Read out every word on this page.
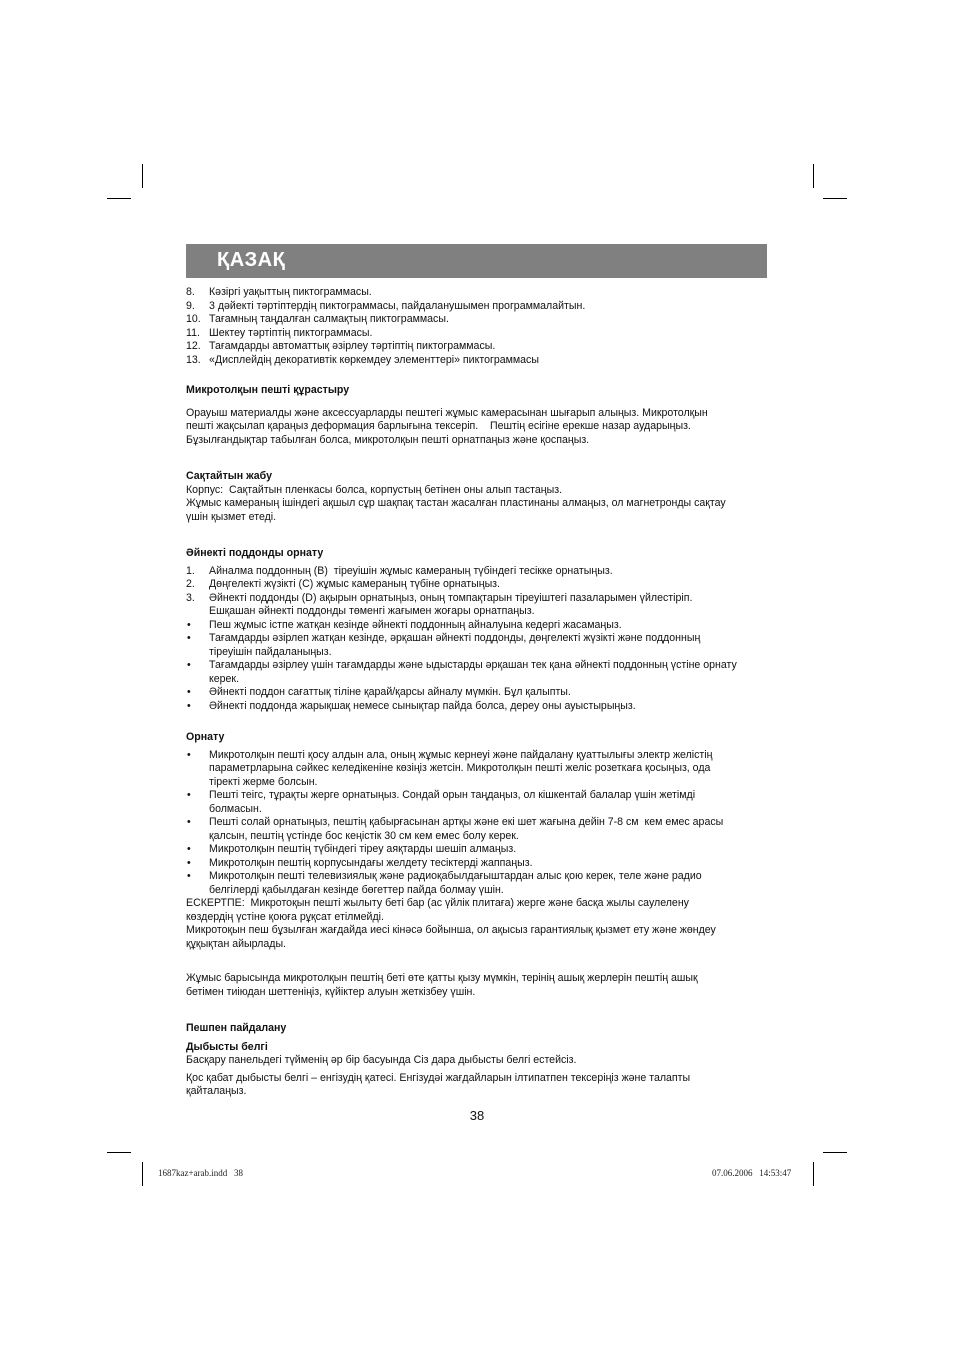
ҚАЗАҚ
8. Кəзіргі уақыттың пиктограммасы.
9. 3 дəйекті тəртіптердің пиктограммасы, пайдаланушымен программалайтын.
10. Тағамның таңдалған салмақтың пиктограммасы.
11. Шектеу тəртіптің пиктограммасы.
12. Тағамдарды автоматтық əзірлеу тəртіптің пиктограммасы.
13. «Дисплейдің декоративтік көркемдеу элементтері» пиктограммасы
Микротолқын пешті құрастыру
Орауыш материалды жəне аксессуарларды пештегі жұмыс камерасынан шығарып алыңыз. Микротолқын
пешті жақсылап қараңыз деформация барлығына тексеріп.    Пештің есігіне ерекше назар аударыңыз.
Бұзылғандықтар табылған болса, микротолқын пешті орнатпаңыз жəне қоспаңыз.
Сақтайтын жабу
Корпус:  Сақтайтын пленкасы болса, корпустың бетінен оны алып тастаңыз.
Жұмыс камераның ішіндегі ақшыл сұр шақпақ тастан жасалған пластинаны алмаңыз, ол магнетронды сақтау
үшін қызмет етеді.
Əйнекті поддонды орнату
1. Айналма поддонның (B)  тіреуішін жұмыс камераның түбіндегі тесікке орнатыңыз.
2. Дөңгелекті жүзікті (C) жұмыс камераның түбіне орнатыңыз.
3. Əйнекті поддонды (D) ақырын орнатыңыз, оның томпақтарын тіреуіштегі пазаларымен үйлестіріп.
Ешқашан əйнекті поддонды төменгі жағымен жоғары орнатпаңыз.
• Пеш жұмыс істпе жатқан кезінде əйнекті поддонның айналуына кедергі жасамаңыз.
• Тағамдарды əзірлеп жатқан кезінде, əрқашан əйнекті поддонды, дөңгелекті жүзікті жəне поддонның
тіреуішін пайдаланыңыз.
• Тағамдарды əзірлеу үшін тағамдарды жəне ыдыстарды əрқашан тек қана əйнекті поддонның үстіне орнату
керек.
• Əйнекті поддон сағаттық тіліне қарай/қарсы айналу мүмкін. Бұл қалыпты.
• Əйнекті поддонда жарықшақ немесе сынықтар пайда болса, дереу оны ауыстырыңыз.
Орнату
• Микротолқын пешті қосу алдын ала, оның жұмыс кернеуі жəне пайдалану қуаттылығы электр желістің
параметрларына сəйкес келедікеніне көзіңіз жетсін. Микротолқын пешті желіс розеткаға қосыңыз, ода
тіректі жерме болсын.
• Пешті теігс, тұрақты жерге орнатыңыз. Сондай орын таңдаңыз, ол кішкентай балалар үшін жетімді
болмасын.
• Пешті солай орнатыңыз, пештің қабырғасынан артқы жəне екі шет жағына дейін 7-8 см  кем емес арасы
қалсын, пештің үстінде бос кеңістік 30 см кем емес болу керек.
• Микротолқын пештің түбіндегі тіреу аяқтарды шешіп алмаңыз.
• Микротолқын пештің корпусындағы желдету тесіктерді жаппаңыз.
• Микротолқын пешті телевизиялық жəне радиоқабылдағыштардан алыс қою керек, теле жəне радио
белгілерді қабылдаған кезінде бөгеттер пайда болмау үшін.
ЕСКЕРТПЕ:  Микротоқын пешті жылыту беті бар (ас үйлік плитаға) жерге жəне басқа жылы саулелену
көздердің үстіне қоюға рұқсат етілмейді.
Микротоқын пеш бұзылған жағдайда иесі кінəсə бойынша, ол ақысыз гарантиялық қызмет ету жəне жөндеу
құқықтан айырлады.
Жұмыс барысында микротолқын пештің беті өте қатты қызу мүмкін, терінің ашық жерлерін пештің ашық
бетімен тиіюдан шеттеніңіз, күйіктер алуын жеткізбеу үшін.
Пешпен пайдалану
Дыбысты белгі
Басқару панельдегі түйменің əр бір басуында Сіз дара дыбысты белгі естейсіз.
Қос қабат дыбысты белгі – енгізудің қатесі. Енгізудәі жағдайларын ілтипатпен тексеріңіз жəне талапты
қайталаңыз.
38
1687kaz+arab.indd   38	07.06.2006   14:53:47
